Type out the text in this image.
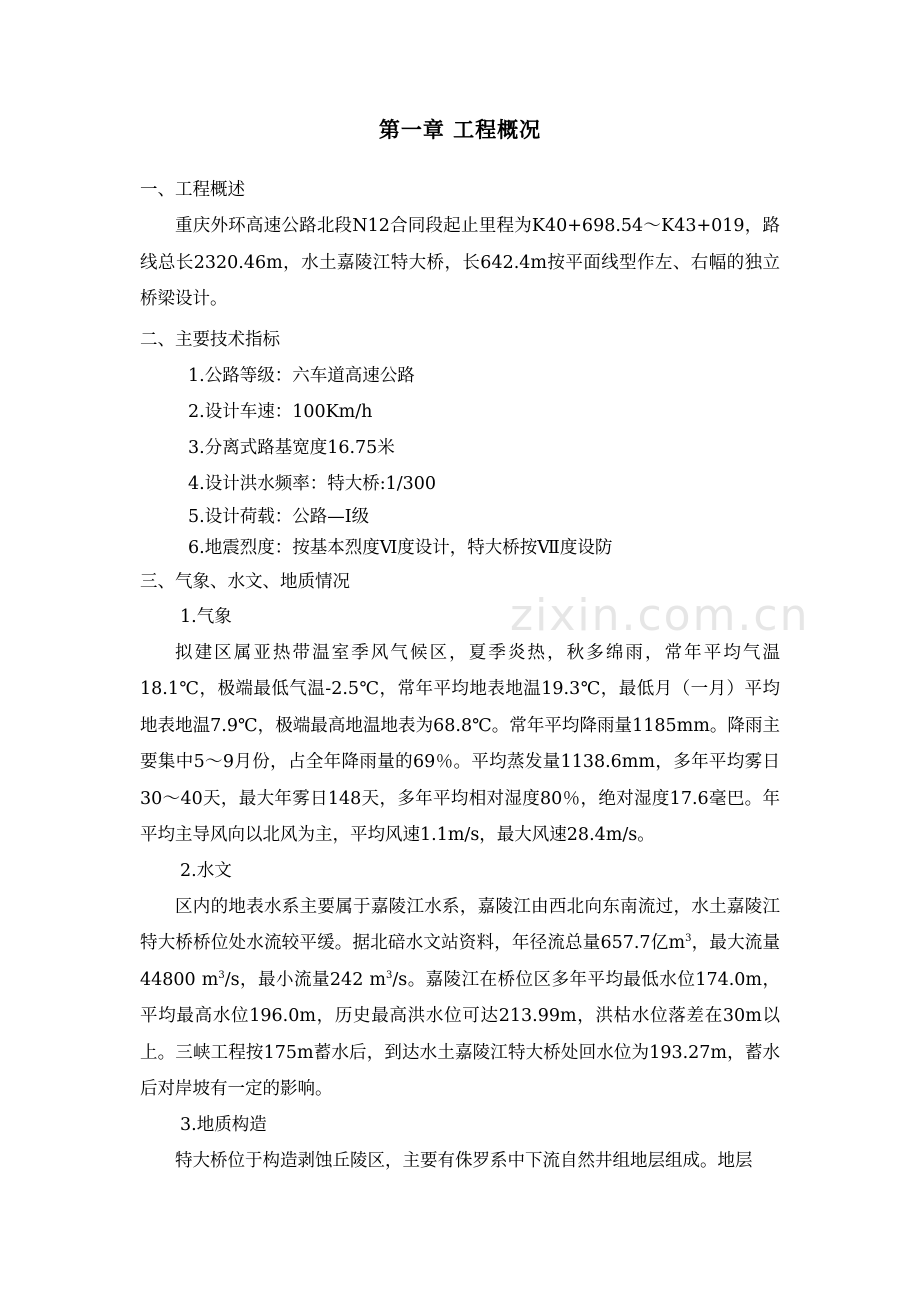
zixin.com.cn
第一章 工程概况

一、工程概述

重庆外环高速公路北段N12合同段起止里程为K40+698.54～K43+019，路线总长2320.46m，水土嘉陵江特大桥，长642.4m按平面线型作左、右幅的独立桥梁设计。

二、主要技术指标

1.公路等级：六车道高速公路

2.设计车速：100Km/h

3.分离式路基宽度16.75米

4.设计洪水频率：特大桥:1/300

5.设计荷载：公路—I级

6.地震烈度：按基本烈度Ⅵ度设计，特大桥按Ⅶ度设防

三、气象、水文、地质情况

1.气象

拟建区属亚热带温室季风气候区，夏季炎热，秋多绵雨，常年平均气温18.1℃，极端最低气温-2.5℃，常年平均地表地温19.3℃，最低月（一月）平均地表地温7.9℃，极端最高地温地表为68.8℃。常年平均降雨量1185mm。降雨主要集中5～9月份，占全年降雨量的69％。平均蒸发量1138.6mm，多年平均雾日30～40天，最大年雾日148天，多年平均相对湿度80％，绝对湿度17.6毫巴。年平均主导风向以北风为主，平均风速1.1m/s，最大风速28.4m/s。

2.水文

区内的地表水系主要属于嘉陵江水系，嘉陵江由西北向东南流过，水土嘉陵江特大桥桥位处水流较平缓。据北碚水文站资料，年径流总量657.7亿$m^3$，最大流量44800 $m^3/s$，最小流量242 $m^3/s$。嘉陵江在桥位区多年平均最低水位174.0m，平均最高水位196.0m，历史最高洪水位可达213.99m，洪枯水位落差在30m以上。三峡工程按175m蓄水后，到达水土嘉陵江特大桥处回水位为193.27m，蓄水后对岸坡有一定的影响。

3.地质构造

特大桥位于构造剥蚀丘陵区，主要有侏罗系中下流自然井组地层组成。地层
